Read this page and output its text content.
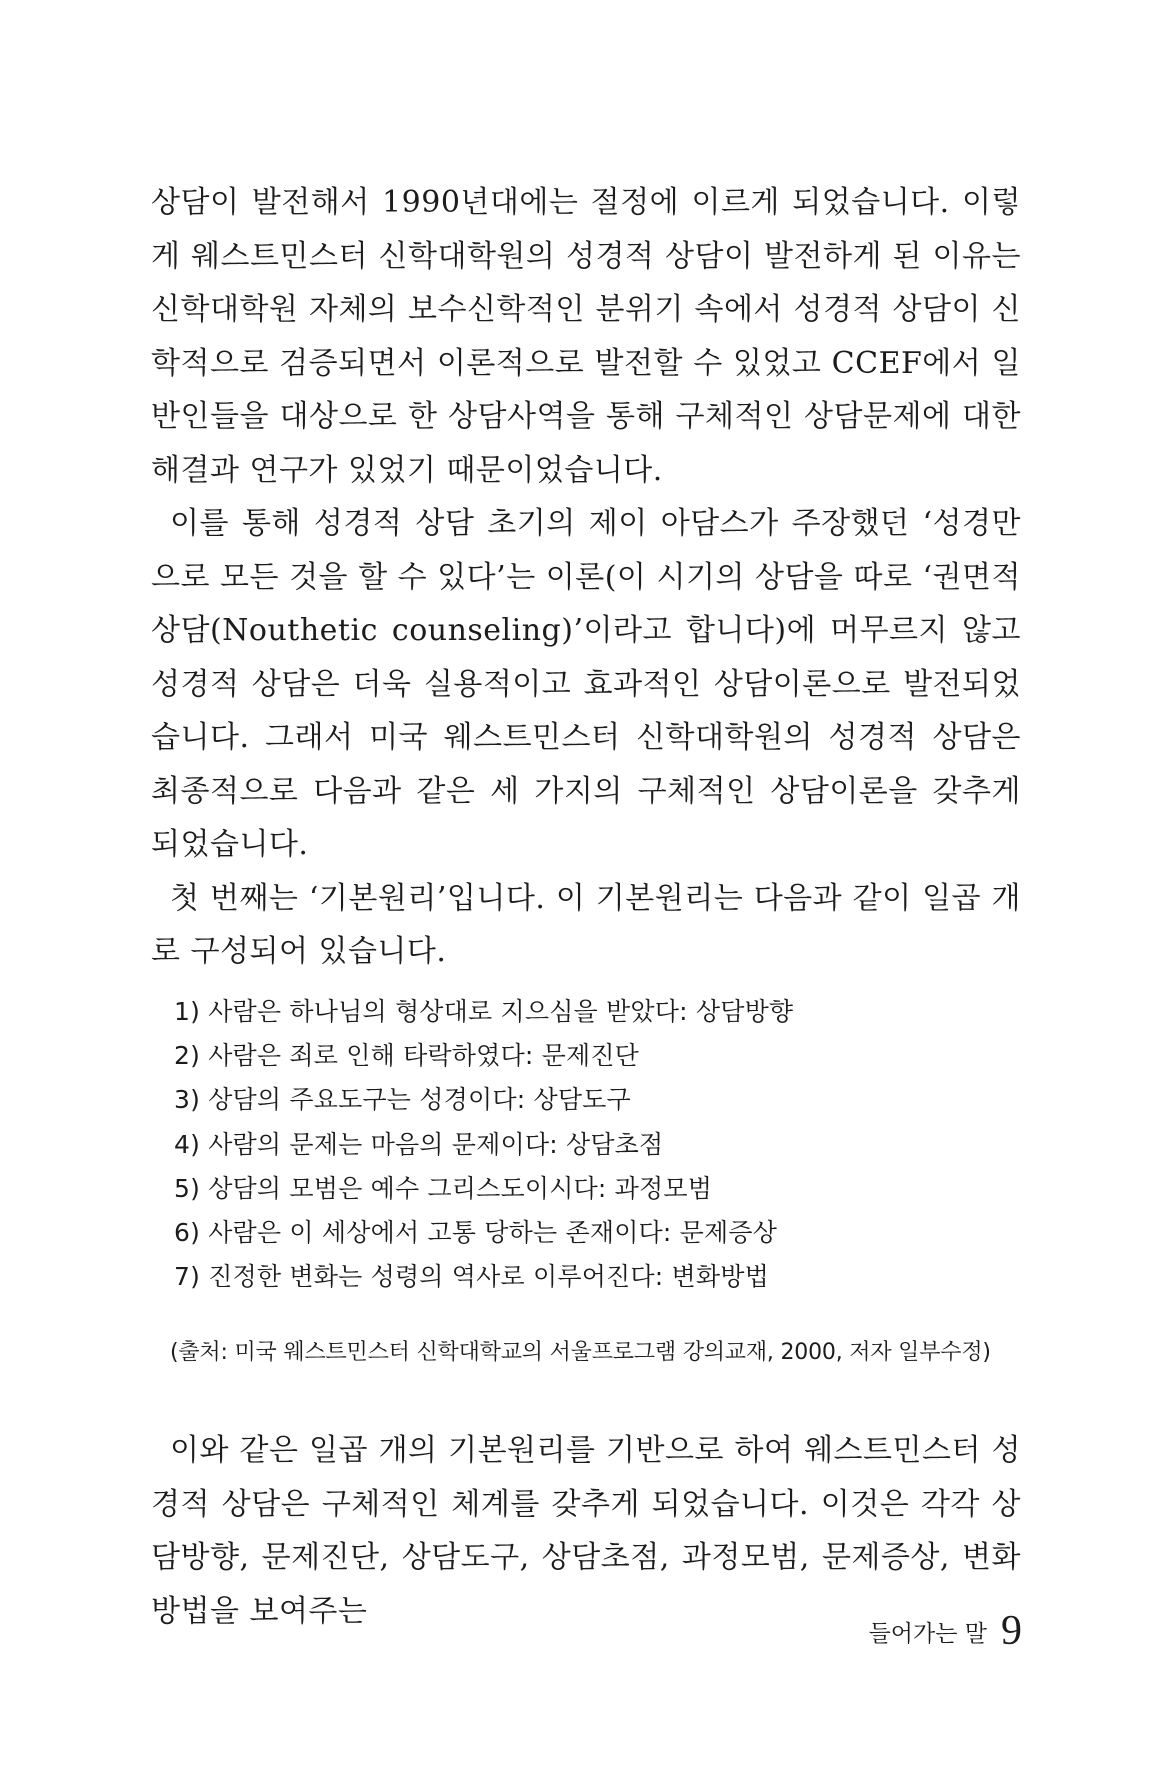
상담이 발전해서 1990년대에는 절정에 이르게 되었습니다. 이렇게 웨스트민스터 신학대학원의 성경적 상담이 발전하게 된 이유는 신학대학원 자체의 보수신학적인 분위기 속에서 성경적 상담이 신학적으로 검증되면서 이론적으로 발전할 수 있었고 CCEF에서 일반인들을 대상으로 한 상담사역을 통해 구체적인 상담문제에 대한 해결과 연구가 있었기 때문이었습니다.

이를 통해 성경적 상담 초기의 제이 아담스가 주장했던 ‘성경만으로 모든 것을 할 수 있다’는 이론(이 시기의 상담을 따로 ‘권면적 상담(Nouthetic counseling)’이라고 합니다)에 머무르지 않고 성경적 상담은 더욱 실용적이고 효과적인 상담이론으로 발전되었습니다. 그래서 미국 웨스트민스터 신학대학원의 성경적 상담은 최종적으로 다음과 같은 세 가지의 구체적인 상담이론을 갖추게 되었습니다.

첫 번째는 ‘기본원리’입니다. 이 기본원리는 다음과 같이 일곱 개로 구성되어 있습니다.

1) 사람은 하나님의 형상대로 지으심을 받았다: 상담방향
2) 사람은 죄로 인해 타락하였다: 문제진단
3) 상담의 주요도구는 성경이다: 상담도구
4) 사람의 문제는 마음의 문제이다: 상담초점
5) 상담의 모범은 예수 그리스도이시다: 과정모범
6) 사람은 이 세상에서 고통 당하는 존재이다: 문제증상
7) 진정한 변화는 성령의 역사로 이루어진다: 변화방법
(출처: 미국 웨스트민스터 신학대학교의 서울프로그램 강의교재, 2000, 저자 일부수정)

이와 같은 일곱 개의 기본원리를 기반으로 하여 웨스트민스터 성경적 상담은 구체적인 체계를 갖추게 되었습니다. 이것은 각각 상담방향, 문제진단, 상담도구, 상담초점, 과정모범, 문제증상, 변화방법을 보여주는

들어가는 말 9
